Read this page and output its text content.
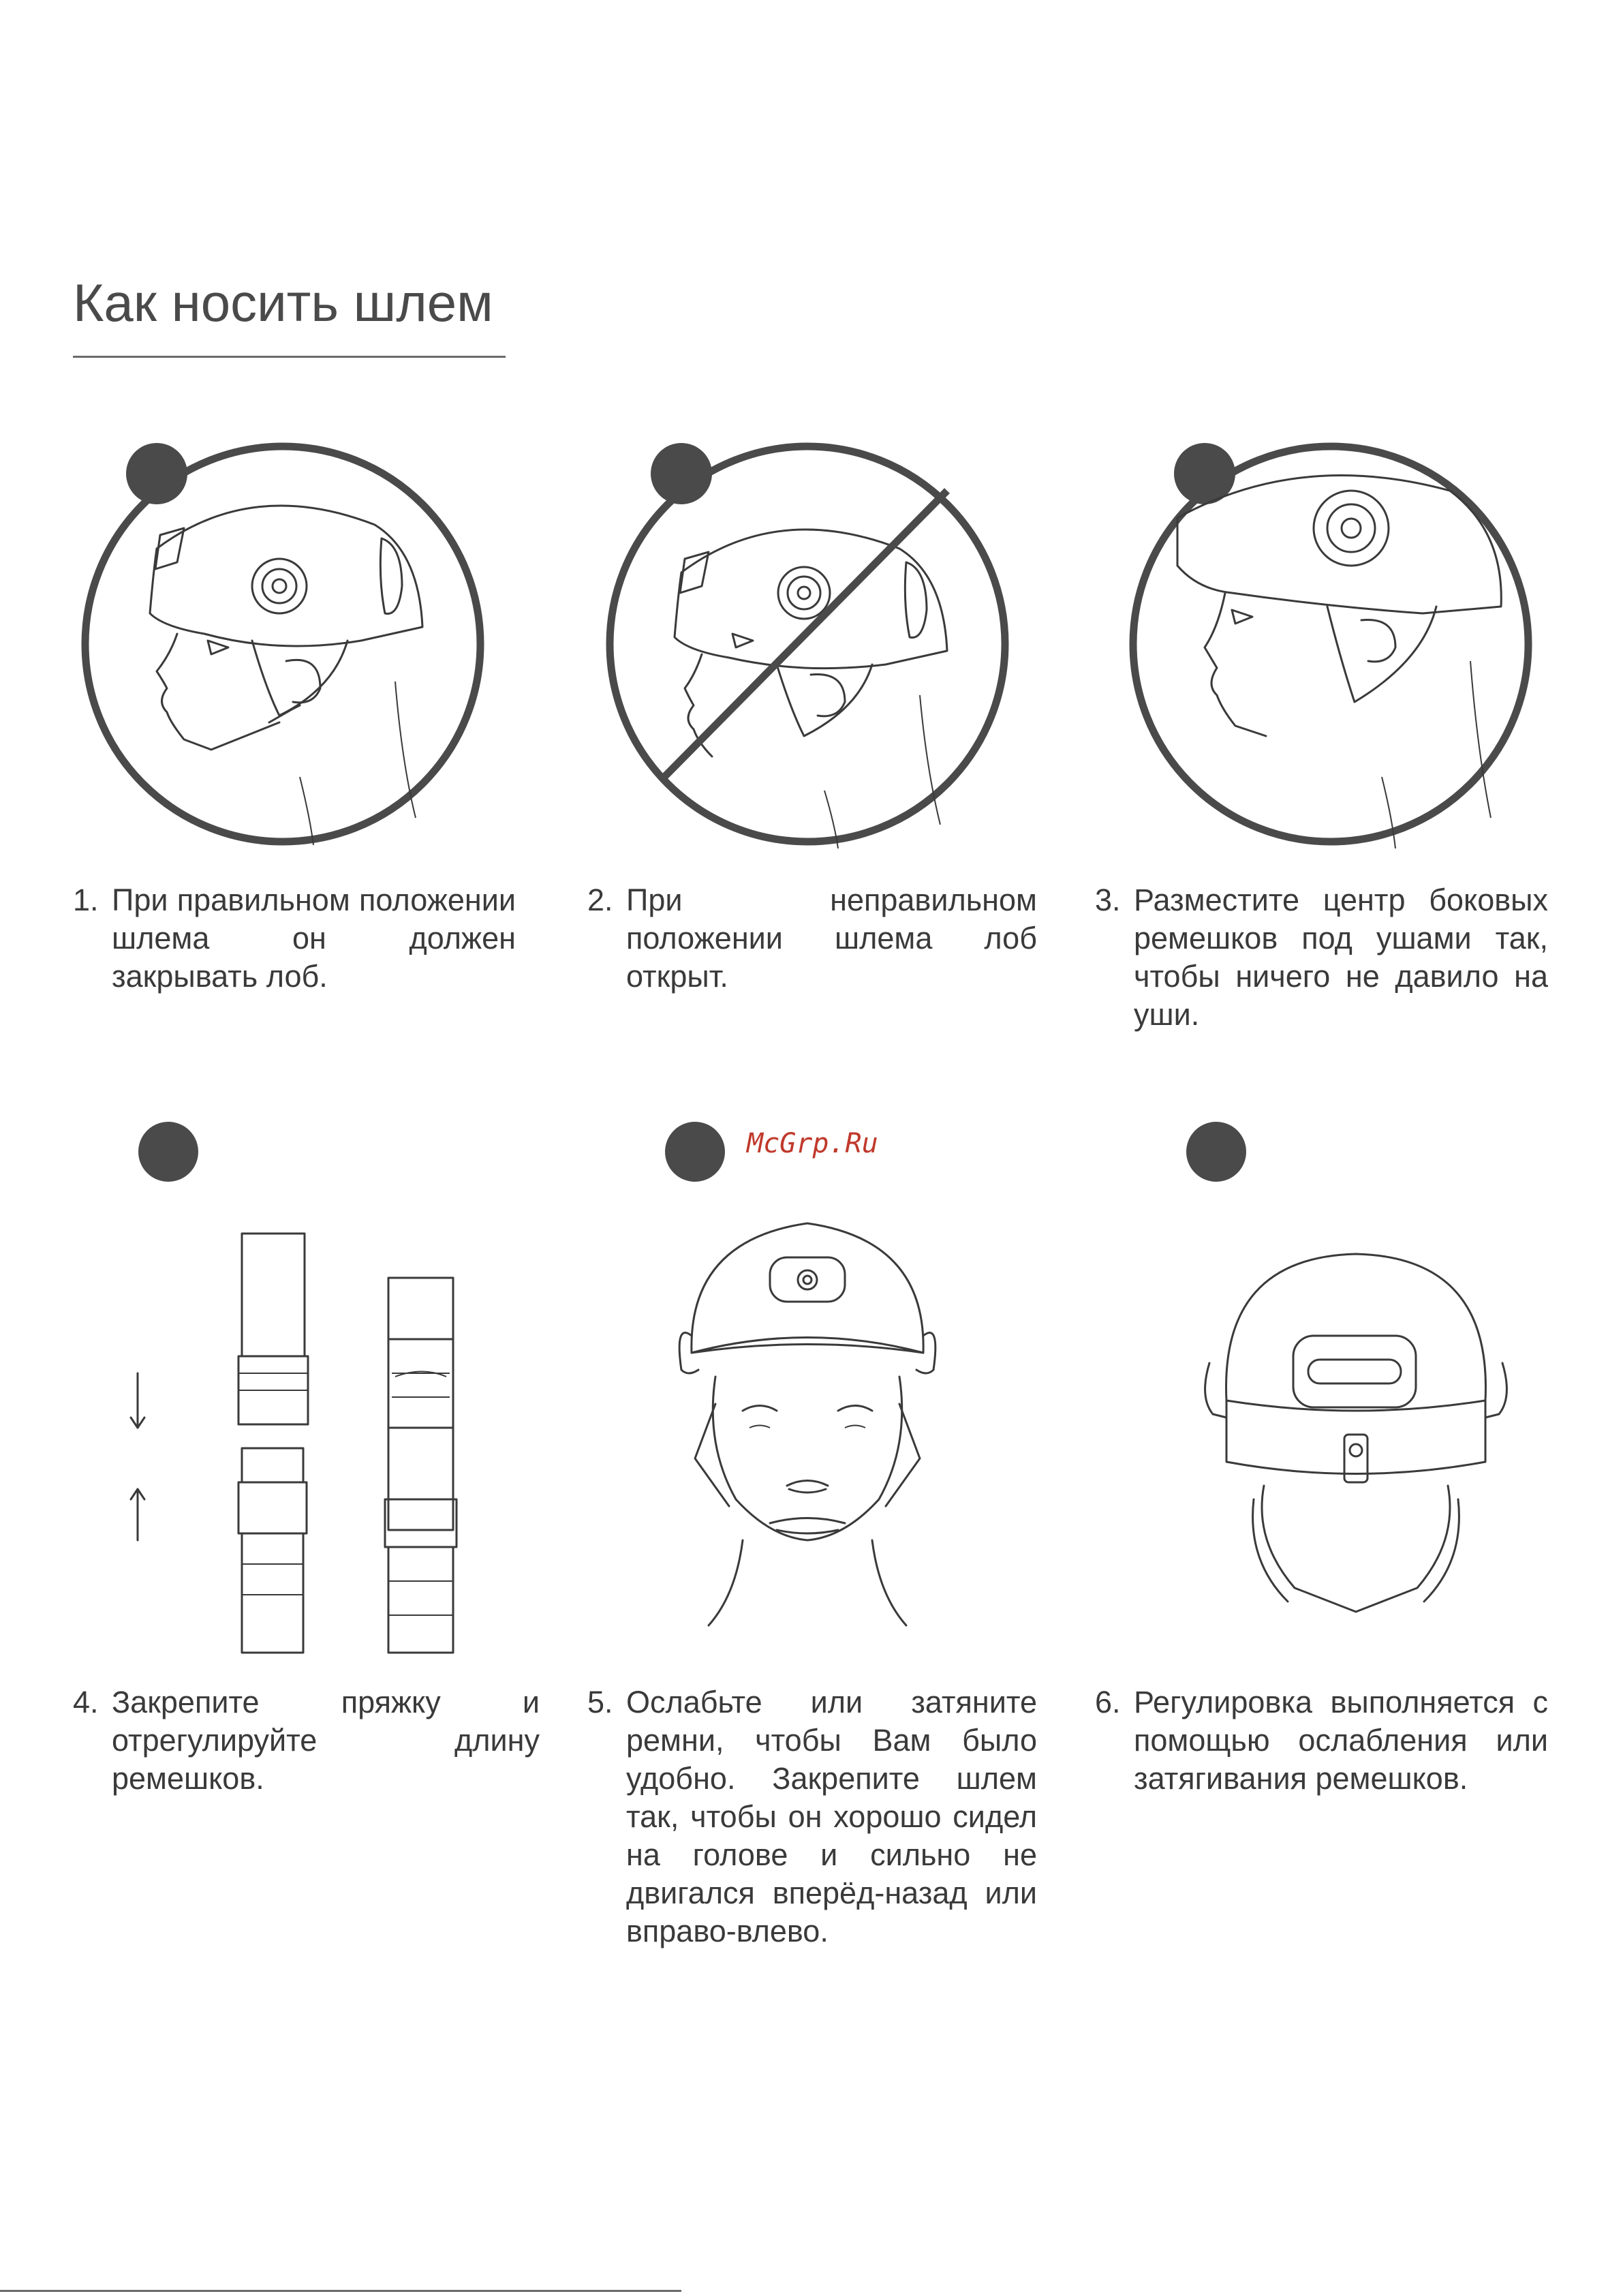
Как носить шлем
1. При правильном положении шлема он должен закрывать лоб.
2. При неправильном положении шлема лоб открыт.
3. Разместите центр боковых ремешков под ушами так, чтобы ничего не давило на уши.
McGrp.Ru
4. Закрепите пряжку и отрегулируйте длину ремешков.
5. Ослабьте или затяните ремни, чтобы Вам было удобно. Закрепите шлем так, чтобы он хорошо сидел на голове и сильно не двигался вперёд-назад или вправо-влево.
6. Регулировка выполняется с помощью ослабления или затягивания ремешков.
